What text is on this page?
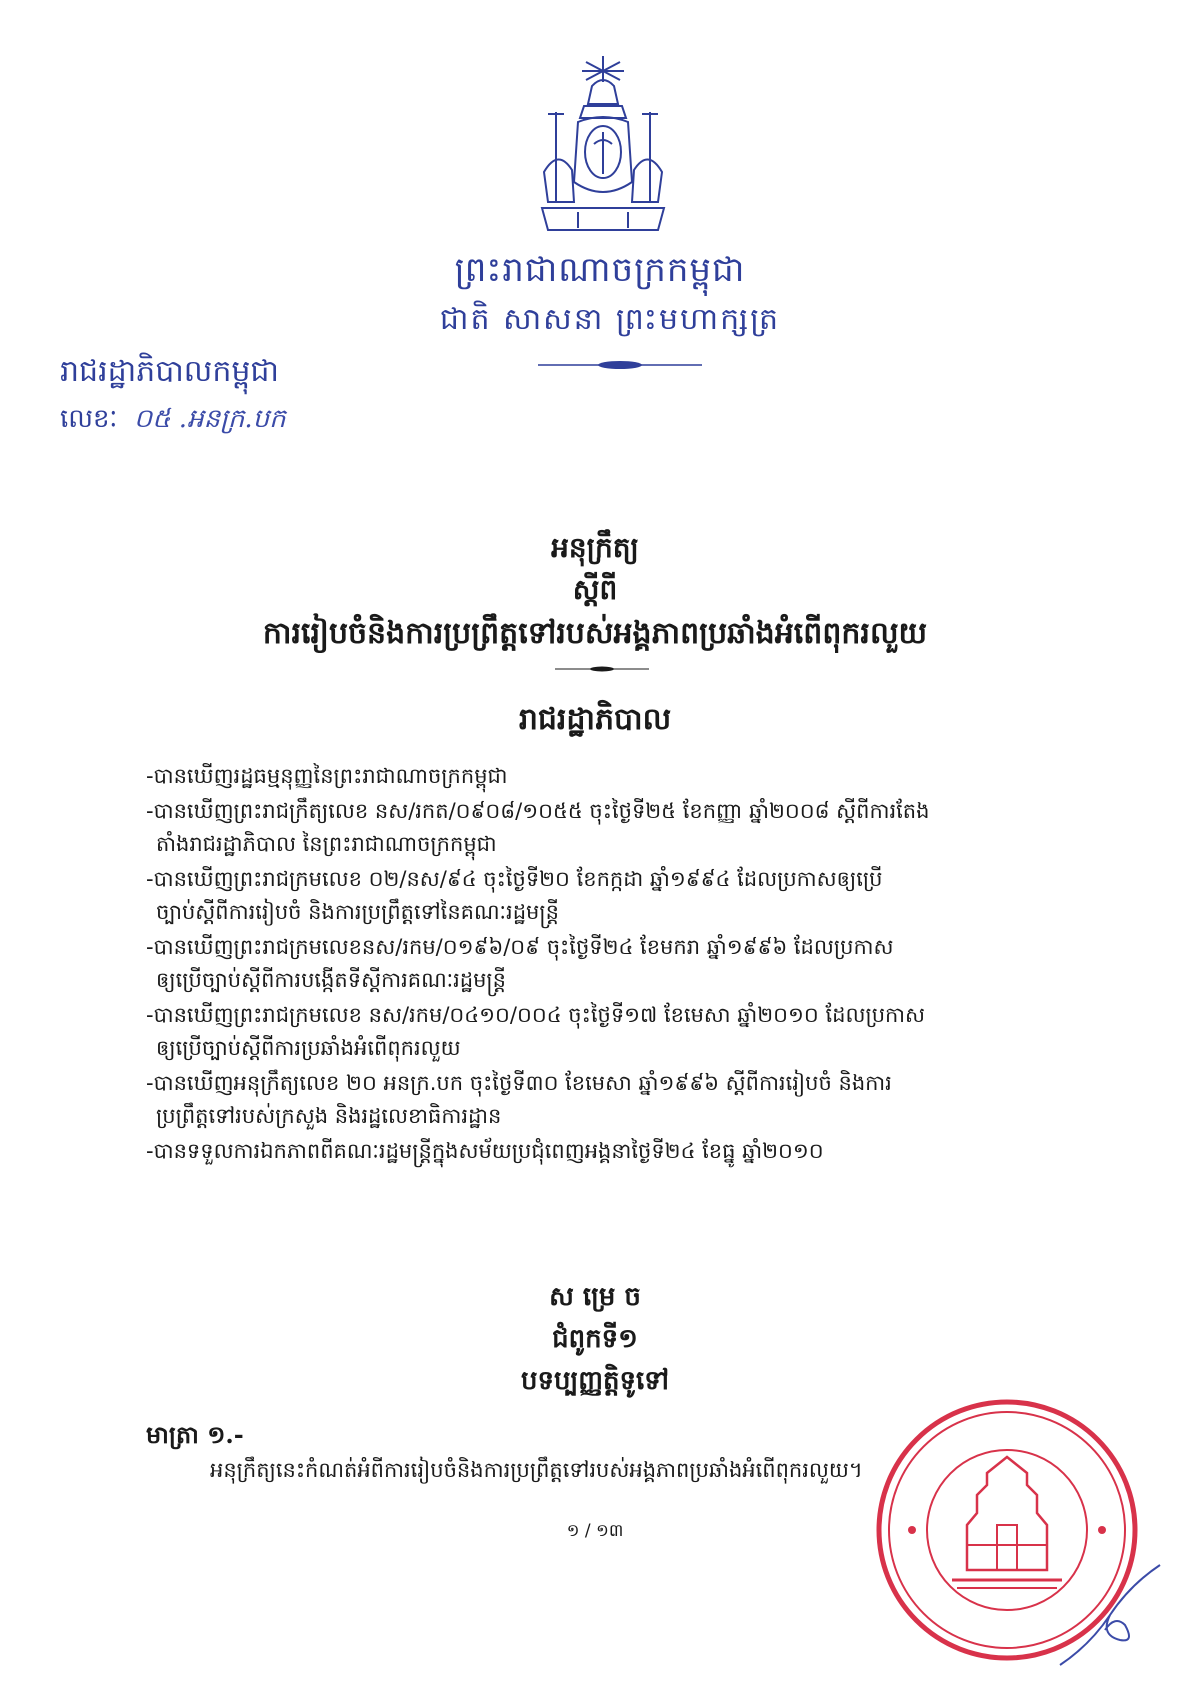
ព្រះរាជាណាចក្រកម្ពុជា
ជាតិ សាសនា ព្រះមហាក្សត្រ
រាជរដ្ឋាភិបាលកម្ពុជា
លេខៈ ០៥ .អនក្រ.បក
អនុក្រឹត្យ
ស្ដីពី
ការរៀបចំនិងការប្រព្រឹត្តទៅរបស់អង្គភាពប្រឆាំងអំពើពុករលួយ
រាជរដ្ឋាភិបាល
-បានឃើញរដ្ឋធម្មនុញ្ញនៃព្រះរាជាណាចក្រកម្ពុជា
-បានឃើញព្រះរាជក្រឹត្យលេខ នស/រកត/០៩០៨/១០៥៥ ចុះថ្ងៃទី២៥ ខែកញ្ញា ឆ្នាំ២០០៨ ស្ដីពីការតែង
តាំងរាជរដ្ឋាភិបាល នៃព្រះរាជាណាចក្រកម្ពុជា
-បានឃើញព្រះរាជក្រមលេខ ០២/នស/៩៤ ចុះថ្ងៃទី២០ ខែកក្កដា ឆ្នាំ១៩៩៤ ដែលប្រកាសឲ្យប្រើ
ច្បាប់ស្ដីពីការរៀបចំ និងការប្រព្រឹត្តទៅនៃគណៈរដ្ឋមន្ត្រី
-បានឃើញព្រះរាជក្រមលេខនស/រកម/០១៩៦/០៩ ចុះថ្ងៃទី២៤ ខែមករា ឆ្នាំ១៩៩៦ ដែលប្រកាស
ឲ្យប្រើច្បាប់ស្ដីពីការបង្កើតទីស្ដីការគណៈរដ្ឋមន្ត្រី
-បានឃើញព្រះរាជក្រមលេខ នស/រកម/០៤១០/០០៤ ចុះថ្ងៃទី១៧ ខែមេសា ឆ្នាំ២០១០ ដែលប្រកាស
ឲ្យប្រើច្បាប់ស្ដីពីការប្រឆាំងអំពើពុករលួយ
-បានឃើញអនុក្រឹត្យលេខ ២០ អនក្រ.បក ចុះថ្ងៃទី៣០ ខែមេសា ឆ្នាំ១៩៩៦ ស្ដីពីការរៀបចំ និងការ
ប្រព្រឹត្តទៅរបស់ក្រសួង និងរដ្ឋលេខាធិការដ្ឋាន
-បានទទួលការឯកភាពពីគណៈរដ្ឋមន្ត្រីក្នុងសម័យប្រជុំពេញអង្គនាថ្ងៃទី២៤ ខែធ្នូ ឆ្នាំ២០១០
ស ម្រេ ច
ជំពូកទី១
បទប្បញ្ញត្តិទូទៅ
មាត្រា ១.-
អនុក្រឹត្យនេះកំណត់អំពីការរៀបចំនិងការប្រព្រឹត្តទៅរបស់អង្គភាពប្រឆាំងអំពើពុករលួយ។
១ / ១៣
